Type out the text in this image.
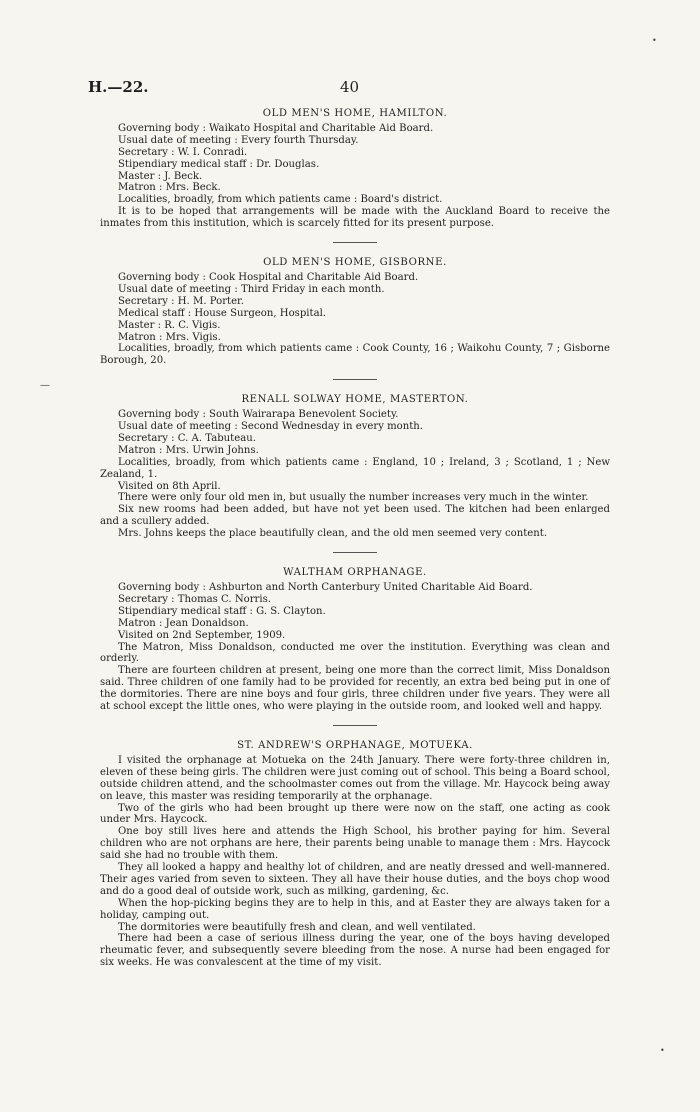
H.—22.	40
OLD MEN'S HOME, HAMILTON.
Governing body : Waikato Hospital and Charitable Aid Board.
Usual date of meeting : Every fourth Thursday.
Secretary : W. I. Conradi.
Stipendiary medical staff : Dr. Douglas.
Master : J. Beck.
Matron : Mrs. Beck.
Localities, broadly, from which patients came : Board's district.

It is to be hoped that arrangements will be made with the Auckland Board to receive the inmates from this institution, which is scarcely fitted for its present purpose.

OLD MEN'S HOME, GISBORNE.
Governing body : Cook Hospital and Charitable Aid Board.
Usual date of meeting : Third Friday in each month.
Secretary : H. M. Porter.
Medical staff : House Surgeon, Hospital.
Master : R. C. Vigis.
Matron : Mrs. Vigis.

Localities, broadly, from which patients came : Cook County, 16 ; Waikohu County, 7 ; Gisborne Borough, 20.

RENALL SOLWAY HOME, MASTERTON.
Governing body : South Wairarapa Benevolent Society.
Usual date of meeting : Second Wednesday in every month.
Secretary : C. A. Tabuteau.
Matron : Mrs. Urwin Johns.

Localities, broadly, from which patients came : England, 10 ; Ireland, 3 ; Scotland, 1 ; New Zealand, 1.

Visited on 8th April.

There were only four old men in, but usually the number increases very much in the winter.

Six new rooms had been added, but have not yet been used. The kitchen had been enlarged and a scullery added.

Mrs. Johns keeps the place beautifully clean, and the old men seemed very content.

WALTHAM ORPHANAGE.
Governing body : Ashburton and North Canterbury United Charitable Aid Board.
Secretary : Thomas C. Norris.
Stipendiary medical staff : G. S. Clayton.
Matron : Jean Donaldson.
Visited on 2nd September, 1909.

The Matron, Miss Donaldson, conducted me over the institution. Everything was clean and orderly.

There are fourteen children at present, being one more than the correct limit, Miss Donaldson said. Three children of one family had to be provided for recently, an extra bed being put in one of the dormitories. There are nine boys and four girls, three children under five years. They were all at school except the little ones, who were playing in the outside room, and looked well and happy.

ST. ANDREW'S ORPHANAGE, MOTUEKA.

I visited the orphanage at Motueka on the 24th January. There were forty-three children in, eleven of these being girls. The children were just coming out of school. This being a Board school, outside children attend, and the schoolmaster comes out from the village. Mr. Haycock being away on leave, this master was residing temporarily at the orphanage.

Two of the girls who had been brought up there were now on the staff, one acting as cook under Mrs. Haycock.

One boy still lives here and attends the High School, his brother paying for him. Several children who are not orphans are here, their parents being unable to manage them : Mrs. Haycock said she had no trouble with them.

They all looked a happy and healthy lot of children, and are neatly dressed and well-mannered. Their ages varied from seven to sixteen. They all have their house duties, and the boys chop wood and do a good deal of outside work, such as milking, gardening, &c.

When the hop-picking begins they are to help in this, and at Easter they are always taken for a holiday, camping out.

The dormitories were beautifully fresh and clean, and well ventilated.

There had been a case of serious illness during the year, one of the boys having developed rheumatic fever, and subsequently severe bleeding from the nose. A nurse had been engaged for six weeks. He was convalescent at the time of my visit.

•
—
•
